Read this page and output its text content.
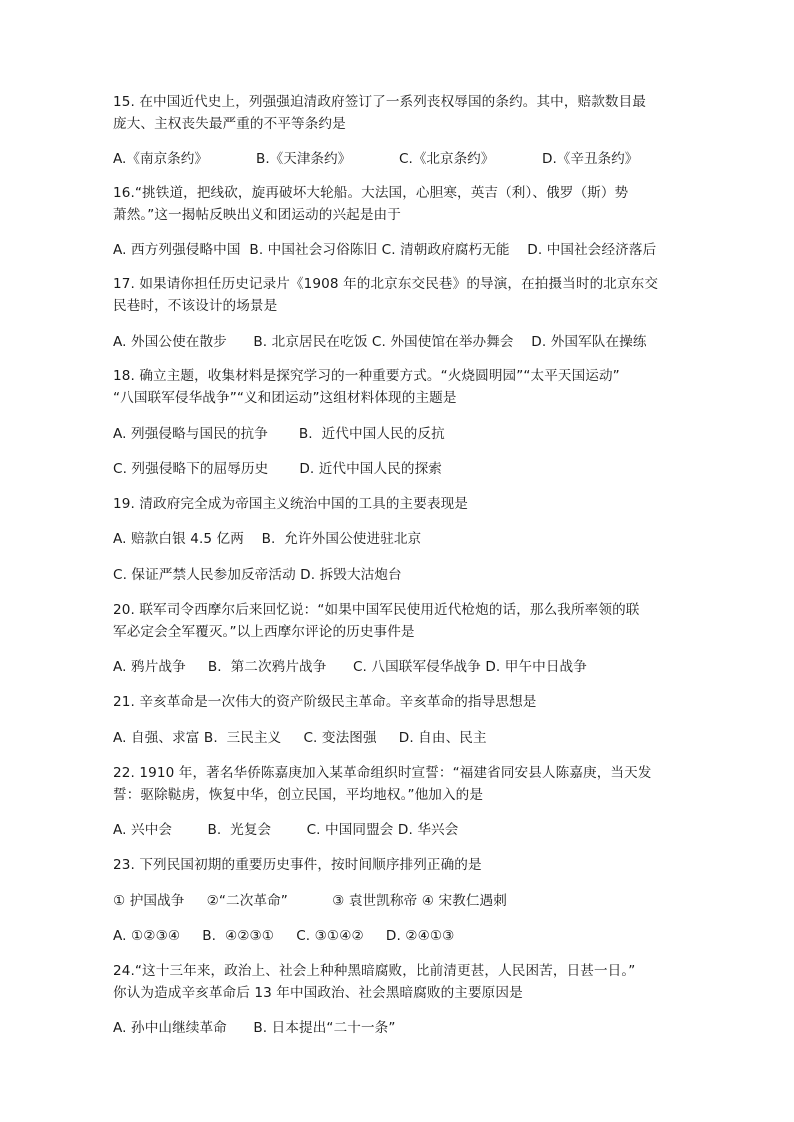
15. 在中国近代史上，列强强迫清政府签订了一系列丧权辱国的条约。其中，赔款数目最
庞大、主权丧失最严重的不平等条约是
A.《南京条约》	B.《天津条约》	C.《北京条约》	D.《辛丑条约》
16.“挑铁道，把线砍，旋再破坏大轮船。大法国，心胆寒，英吉（利）、俄罗（斯）势
萧然。”这一揭帖反映出义和团运动的兴起是由于
A. 西方列强侵略中国  B. 中国社会习俗陈旧 C. 清朝政府腐朽无能    D. 中国社会经济落后
17. 如果请你担任历史记录片《1908 年的北京东交民巷》的导演，在拍摄当时的北京东交
民巷时，不该设计的场景是
A. 外国公使在散步      B. 北京居民在吃饭 C. 外国使馆在举办舞会    D. 外国军队在操练
18. 确立主题，收集材料是探究学习的一种重要方式。“火烧圆明园”“太平天国运动”
“八国联军侵华战争”“义和团运动”这组材料体现的主题是
A. 列强侵略与国民的抗争       B.  近代中国人民的反抗
C. 列强侵略下的屈辱历史       D. 近代中国人民的探索
19. 清政府完全成为帝国主义统治中国的工具的主要表现是
A. 赔款白银 4.5 亿两    B.  允许外国公使进驻北京
C. 保证严禁人民参加反帝活动 D. 拆毁大沽炮台
20. 联军司令西摩尔后来回忆说：“如果中国军民使用近代枪炮的话，那么我所率领的联
军必定会全军覆灭。”以上西摩尔评论的历史事件是
A. 鸦片战争     B.  第二次鸦片战争      C. 八国联军侵华战争 D. 甲午中日战争
21. 辛亥革命是一次伟大的资产阶级民主革命。辛亥革命的指导思想是
A. 自强、求富 B.  三民主义     C. 变法图强     D. 自由、民主
22. 1910 年，著名华侨陈嘉庚加入某革命组织时宣誓：“福建省同安县人陈嘉庚，当天发
誓：驱除鞑虏，恢复中华，创立民国，平均地权。”他加入的是
A. 兴中会        B.  光复会        C. 中国同盟会 D. 华兴会
23. 下列民国初期的重要历史事件，按时间顺序排列正确的是
① 护国战争     ②“二次革命”          ③ 袁世凯称帝 ④ 宋教仁遇刺
A. ①②③④     B.  ④②③①     C. ③①④②     D. ②④①③
24.“这十三年来，政治上、社会上种种黑暗腐败，比前清更甚，人民困苦，日甚一日。”
你认为造成辛亥革命后 13 年中国政治、社会黑暗腐败的主要原因是
A. 孙中山继续革命      B. 日本提出“二十一条”
